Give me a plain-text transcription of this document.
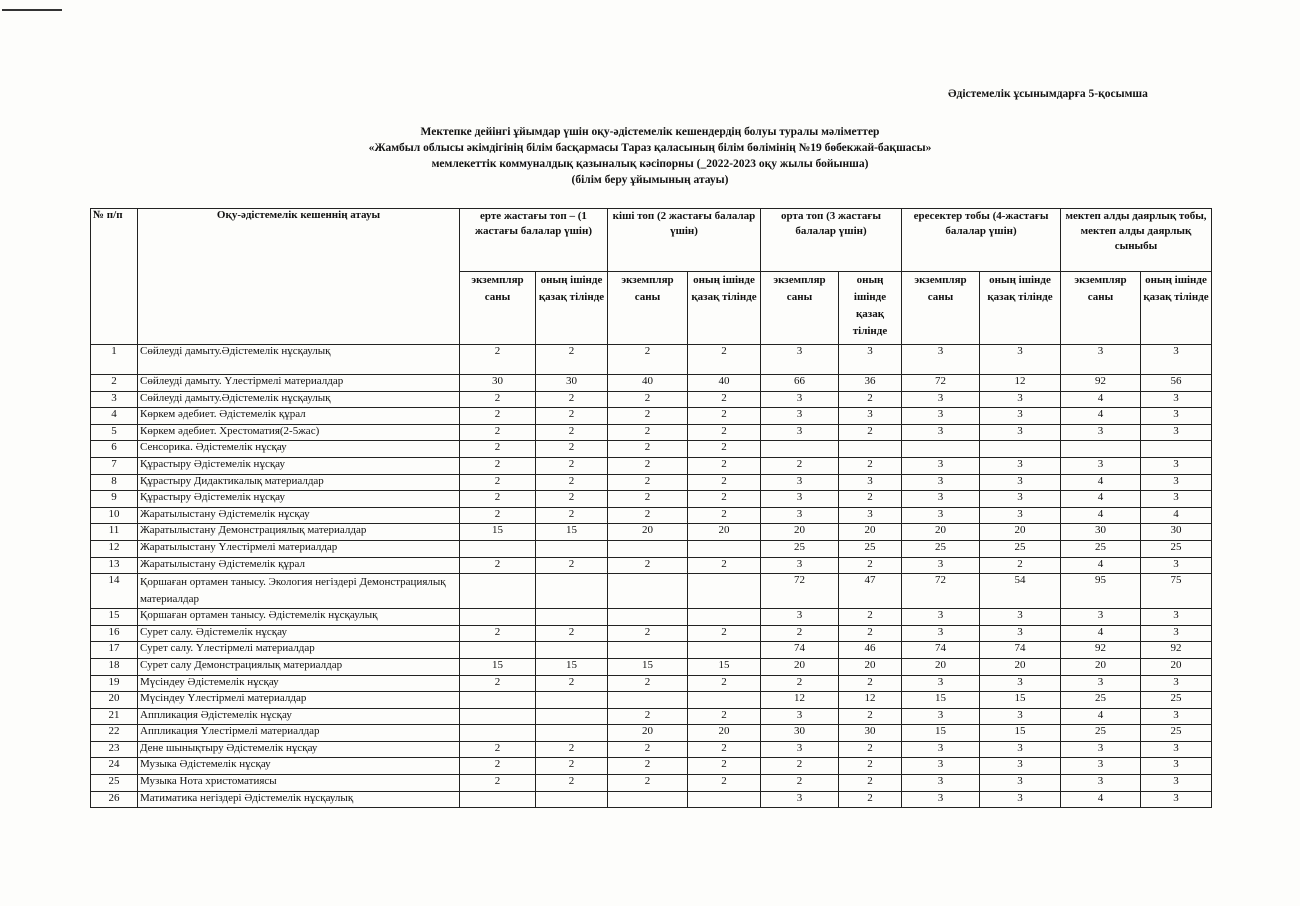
Әдістемелік ұсынымдарға 5-қосымша
Мектепке дейінгі ұйымдар үшін оқу-әдістемелік кешендердің болуы туралы мәліметтер
«Жамбыл облысы әкімдігінің білім басқармасы Тараз қаласының білім бөлімінің №19 бөбекжай-бақшасы»
мемлекеттік коммуналдық қазыналық кәсіпорны (_2022-2023 оқу жылы бойынша)
(білім беру ұйымының атауы)
№ п/п	Оқу-әдістемелік кешеннің атауы	ерте жастағы топ – (1 жастағы балалар үшін)		кіші топ (2 жастағы балалар үшін)		орта топ (3 жастағы балалар үшін)		ересектер тобы (4-жастағы балалар үшін)		мектеп алды даярлық тобы, мектеп алды даярлық сыныбы	
		экземпляр саны	оның ішінде қазақ тілінде	экземпляр саны	оның ішінде қазақ тілінде	экземпляр саны	оның ішінде қазақ тілінде	экземпляр саны	оның ішінде қазақ тілінде	экземпляр саны	оның ішінде қазақ тілінде
1	Сөйлеуді дамыту.Әдістемелік нұсқаулық	2	2	2	2	3	3	3	3	3	3
2	Сөйлеуді дамыту. Үлестірмелі материалдар	30	30	40	40	66	36	72	12	92	56
3	Сөйлеуді дамыту.Әдістемелік нұсқаулық	2	2	2	2	3	2	3	3	4	3
4	Көркем әдебиет. Әдістемелік құрал	2	2	2	2	3	3	3	3	4	3
5	Көркем әдебиет. Хрестоматия(2-5жас)	2	2	2	2	3	2	3	3	3	3
6	Сенсорика. Әдістемелік нұсқау	2	2	2	2						
7	Құрастыру Әдістемелік нұсқау	2	2	2	2	2	2	3	3	3	3
8	Құрастыру Дидактикалық материалдар	2	2	2	2	3	3	3	3	4	3
9	Құрастыру Әдістемелік нұсқау	2	2	2	2	3	2	3	3	4	3
10	Жаратылыстану Әдістемелік нұсқау	2	2	2	2	3	3	3	3	4	4
11	Жаратылыстану Демонстрациялық материалдар	15	15	20	20	20	20	20	20	30	30
12	Жаратылыстану Үлестірмелі материалдар					25	25	25	25	25	25
13	Жаратылыстану Әдістемелік құрал	2	2	2	2	3	2	3	2	4	3
14	Қоршаған ортамен танысу. Экология негіздері Демонстрациялық материалдар					72	47	72	54	95	75
15	Қоршаған ортамен танысу. Әдістемелік нұсқаулық					3	2	3	3	3	3
16	Сурет салу. Әдістемелік нұсқау	2	2	2	2	2	2	3	3	4	3
17	Сурет салу. Үлестірмелі материалдар					74	46	74	74	92	92
18	Сурет салу Демонстрациялық материалдар	15	15	15	15	20	20	20	20	20	20
19	Мүсіндеу Әдістемелік нұсқау	2	2	2	2	2	2	3	3	3	3
20	Мүсіндеу Үлестірмелі материалдар					12	12	15	15	25	25
21	Аппликация Әдістемелік нұсқау			2	2	3	2	3	3	4	3
22	Аппликация Үлестірмелі материалдар			20	20	30	30	15	15	25	25
23	Дене шынықтыру Әдістемелік нұсқау	2	2	2	2	3	2	3	3	3	3
24	Музыка Әдістемелік нұсқау	2	2	2	2	2	2	3	3	3	3
25	Музыка Нота христоматиясы	2	2	2	2	2	2	3	3	3	3
26	Матиматика негіздері Әдістемелік нұсқаулық					3	2	3	3	4	3
